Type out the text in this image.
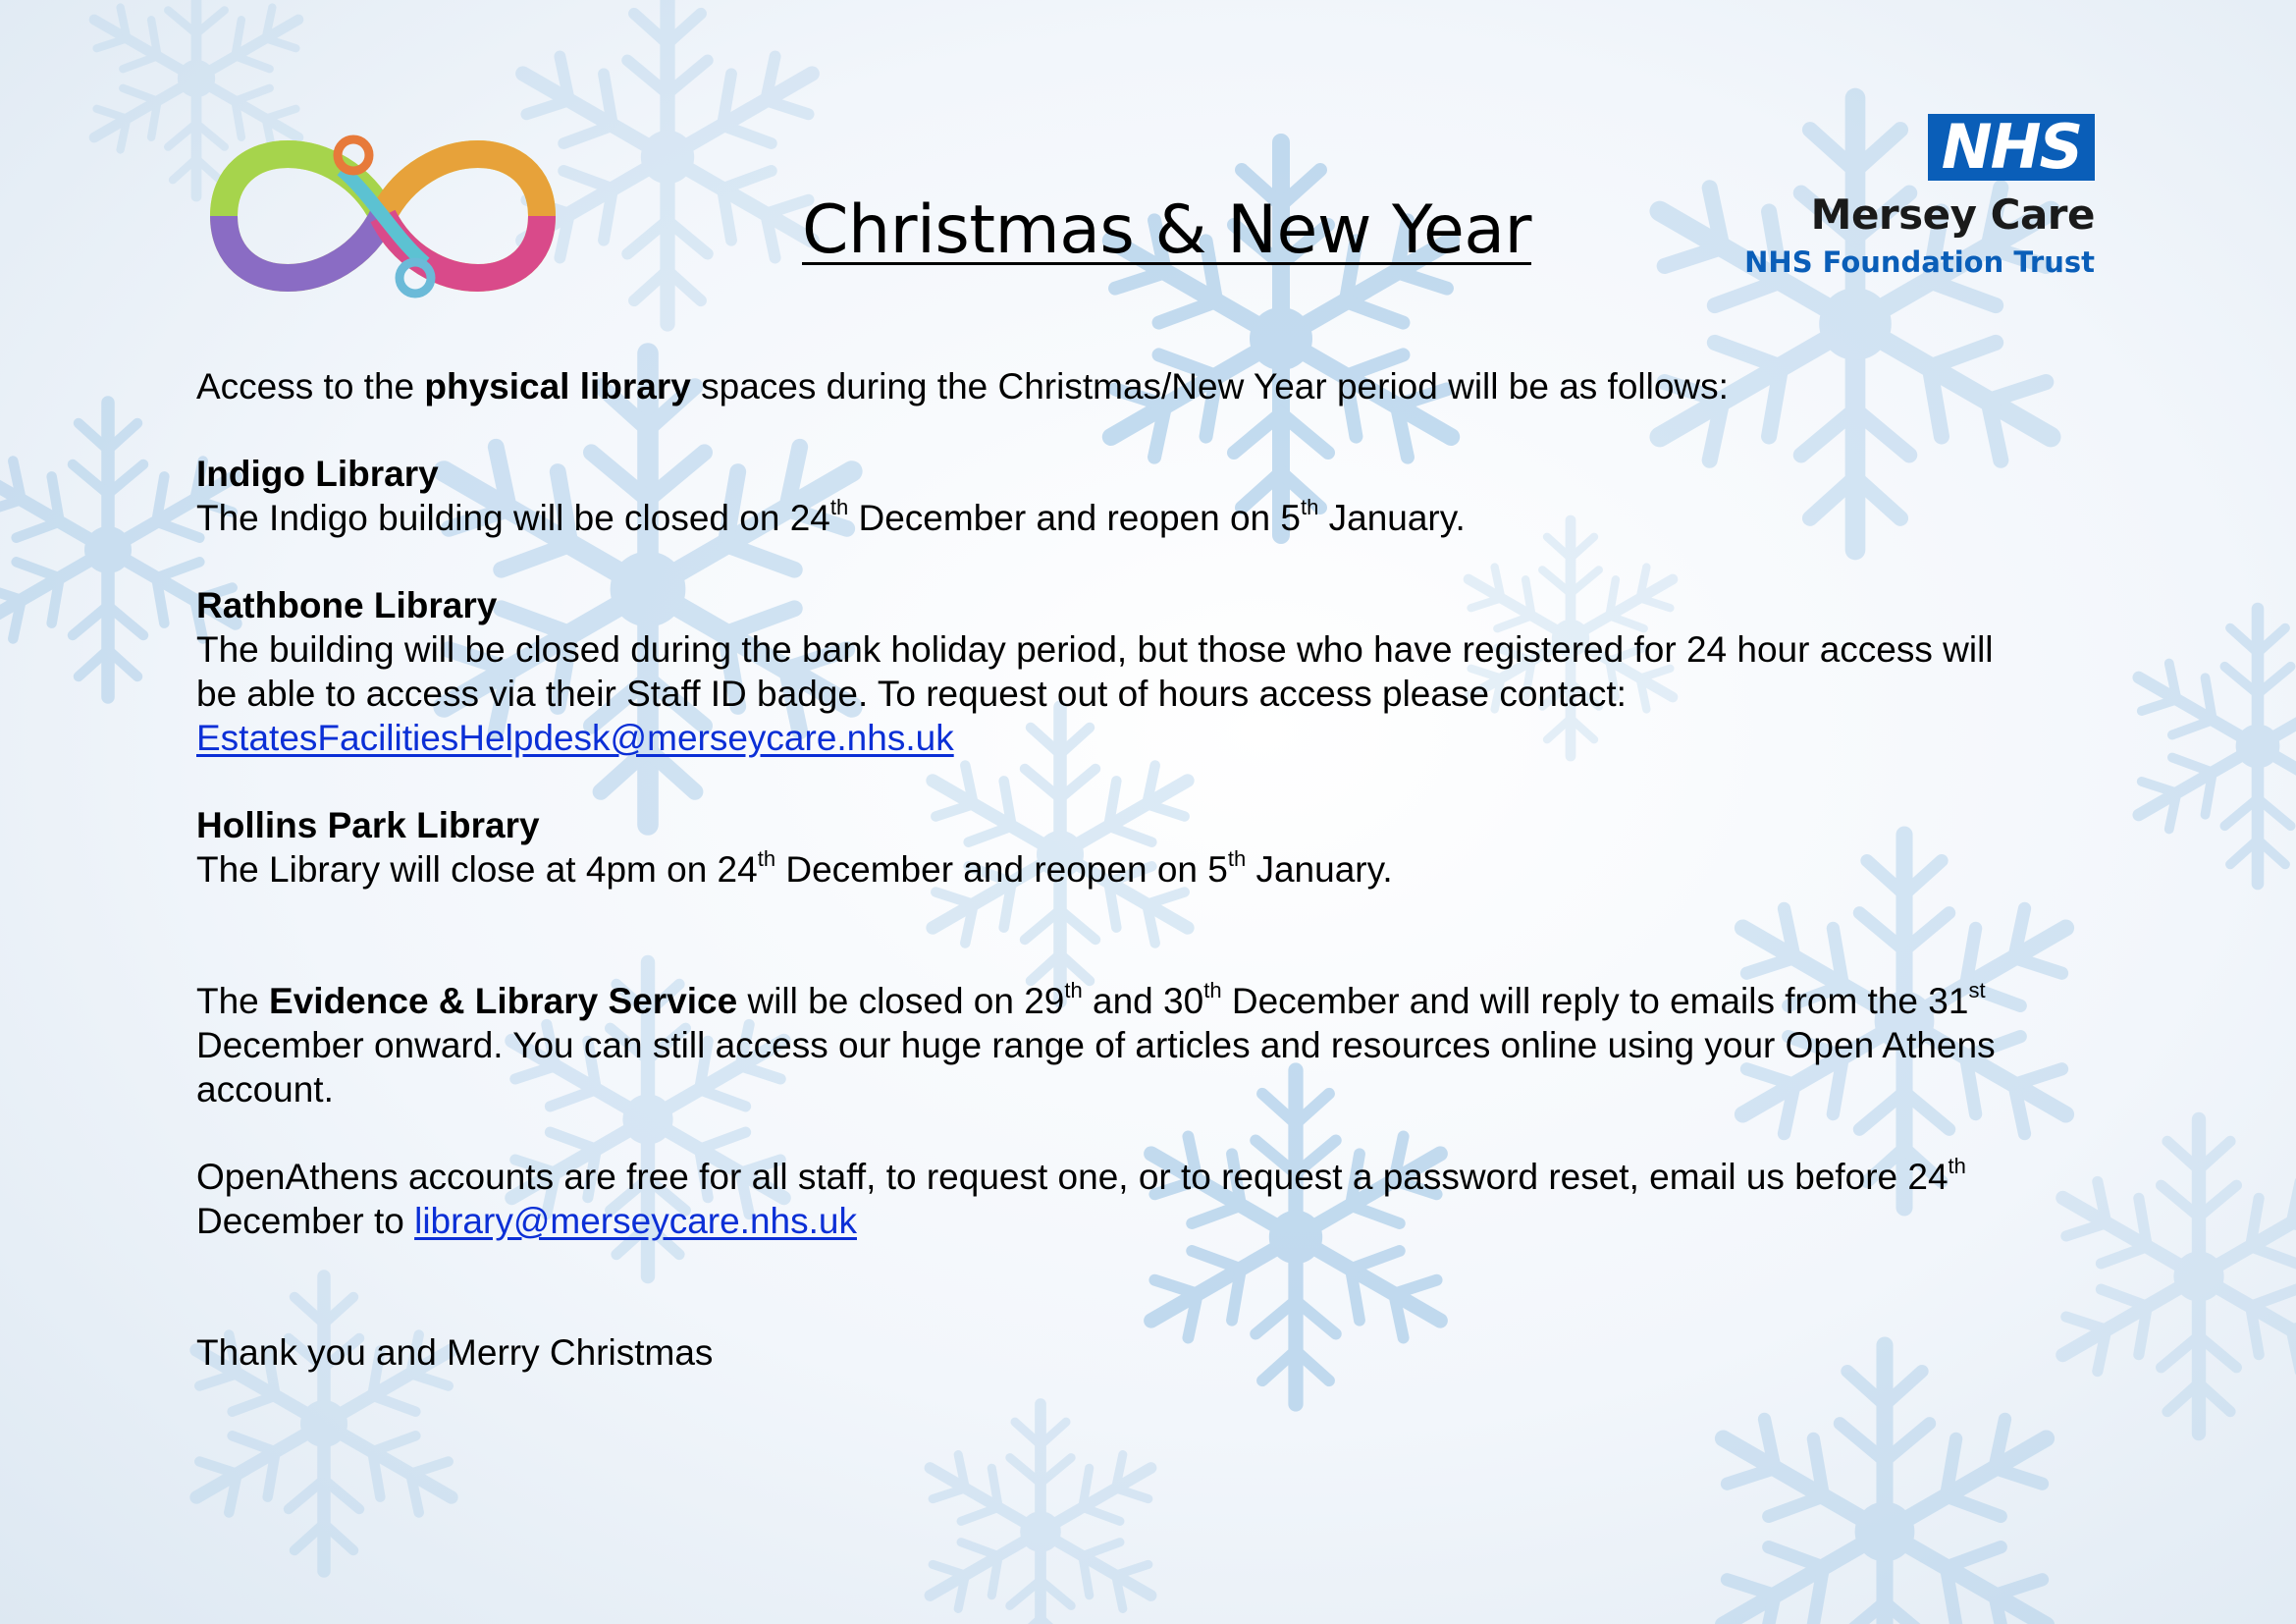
Christmas & New Year
NHS
Mersey Care
NHS Foundation Trust
Access to the physical library spaces during the Christmas/New Year period will be as follows:
Indigo Library
The Indigo building will be closed on 24th December and reopen on 5th January.
Rathbone Library
The building will be closed during the bank holiday period, but those who have registered for 24 hour access will
be able to access via their Staff ID badge. To request out of hours access please contact:
EstatesFacilitiesHelpdesk@merseycare.nhs.uk
Hollins Park Library
The Library will close at 4pm on 24th December and reopen on 5th January.
The Evidence & Library Service will be closed on 29th and 30th December and will reply to emails from the 31st
December onward. You can still access our huge range of articles and resources online using your Open Athens
account.
OpenAthens accounts are free for all staff, to request one, or to request a password reset, email us before 24th
December to library@merseycare.nhs.uk
Thank you and Merry Christmas
